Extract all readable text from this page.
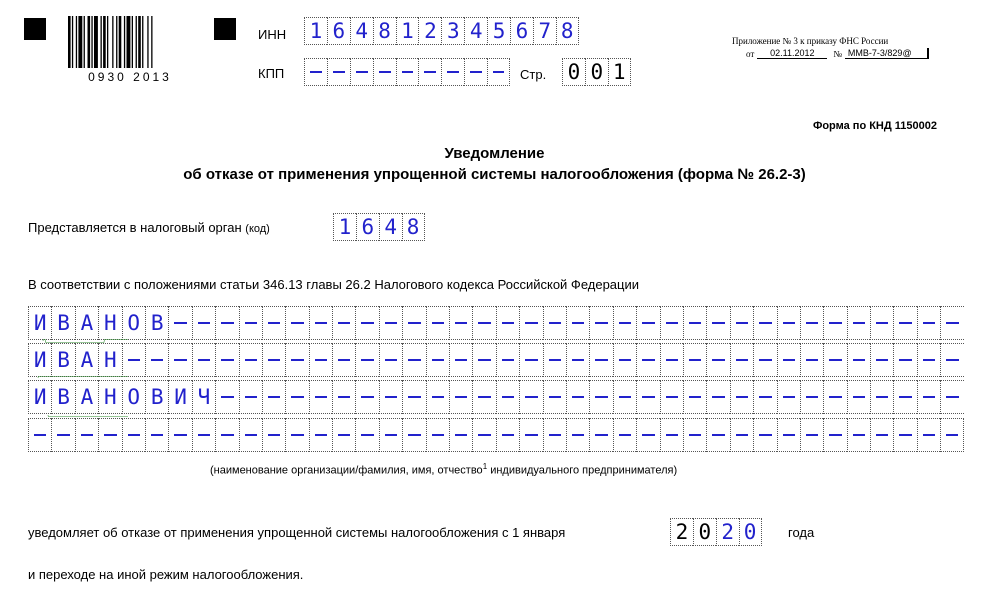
0930 2013
ИНН 1 6 4 8 1 2 3 4 5 6 7 8
КПП	Стр. 0 0 1
Приложение № 3 к приказу ФНС России
от	02.11.2012	№ ММВ-7-3/829@
Форма по КНД 1150002
Уведомление
об отказе от применения упрощенной системы налогообложения (форма № 26.2-3)
Представляется в налоговый орган (код)	1 6 4 8
В соответствии с положениями статьи 346.13 главы 26.2 Налогового кодекса Российской Федерации
И В А Н О В
И В А Н
И В А Н О В И Ч
(наименование организации/фамилия, имя, отчество$^1$ индивидуального предпринимателя)
уведомляет об отказе от применения упрощенной системы налогообложения с 1 января	2 0 2 0	года
и переходе на иной режим налогообложения.
